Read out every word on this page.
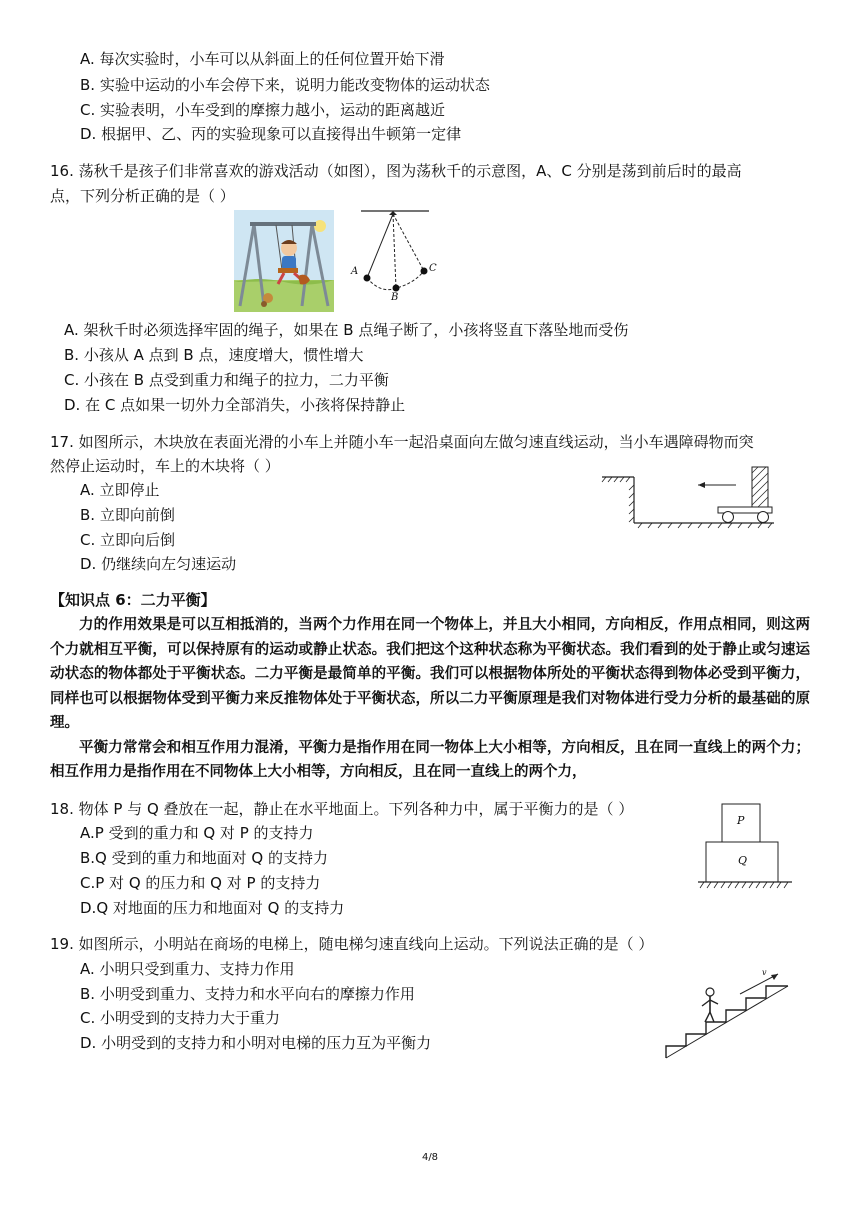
A. 每次实验时，小车可以从斜面上的任何位置开始下滑
B. 实验中运动的小车会停下来，说明力能改变物体的运动状态
C. 实验表明，小车受到的摩擦力越小，运动的距离越近
D. 根据甲、乙、丙的实验现象可以直接得出牛顿第一定律
16. 荡秋千是孩子们非常喜欢的游戏活动（如图），图为荡秋千的示意图，A、C 分别是荡到前后时的最高
点，下列分析正确的是（ ）
A
B
C
A. 架秋千时必须选择牢固的绳子，如果在 B 点绳子断了，小孩将竖直下落坠地而受伤
B. 小孩从 A 点到 B 点，速度增大，惯性增大
C. 小孩在 B 点受到重力和绳子的拉力，二力平衡
D. 在 C 点如果一切外力全部消失，小孩将保持静止
17. 如图所示，木块放在表面光滑的小车上并随小车一起沿桌面向左做匀速直线运动，当小车遇障碍物而突
然停止运动时，车上的木块将（ ）
A. 立即停止
B. 立即向前倒
C. 立即向后倒
D. 仍继续向左匀速运动
【知识点 6：二力平衡】

力的作用效果是可以互相抵消的，当两个力作用在同一个物体上，并且大小相同，方向相反，作用点相同，则这两个力就相互平衡，可以保持原有的运动或静止状态。我们把这个这种状态称为平衡状态。我们看到的处于静止或匀速运动状态的物体都处于平衡状态。二力平衡是最简单的平衡。我们可以根据物体所处的平衡状态得到物体必受到平衡力，同样也可以根据物体受到平衡力来反推物体处于平衡状态，所以二力平衡原理是我们对物体进行受力分析的最基础的原理。

平衡力常常会和相互作用力混淆，平衡力是指作用在同一物体上大小相等，方向相反，且在同一直线上的两个力；相互作用力是指作用在不同物体上大小相等，方向相反，且在同一直线上的两个力，

18. 物体 P 与 Q 叠放在一起，静止在水平地面上。下列各种力中，属于平衡力的是（ ）
A.P 受到的重力和 Q 对 P 的支持力
B.Q 受到的重力和地面对 Q 的支持力
C.P 对 Q 的压力和 Q 对 P 的支持力
D.Q 对地面的压力和地面对 Q 的支持力
P
Q
19. 如图所示，小明站在商场的电梯上，随电梯匀速直线向上运动。下列说法正确的是（ ）
A. 小明只受到重力、支持力作用
B. 小明受到重力、支持力和水平向右的摩擦力作用
C. 小明受到的支持力大于重力
D. 小明受到的支持力和小明对电梯的压力互为平衡力
v
4/8
